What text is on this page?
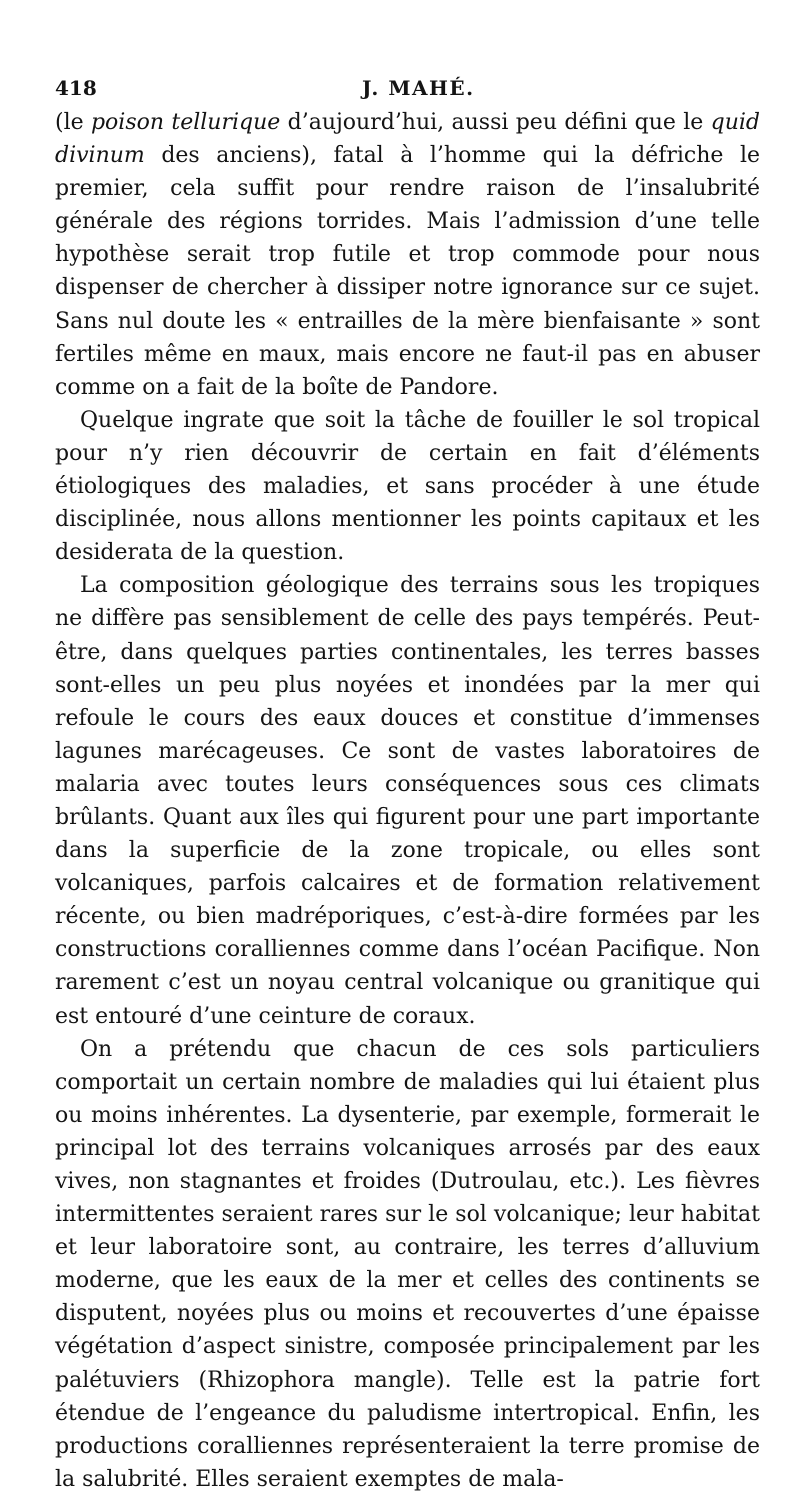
418	J. MAHÉ.

(le poison tellurique d’aujourd’hui, aussi peu défini que le quid divinum des anciens), fatal à l’homme qui la défriche le premier, cela suffit pour rendre raison de l’insalubrité générale des régions torrides. Mais l’admission d’une telle hypothèse serait trop futile et trop commode pour nous dispenser de chercher à dissiper notre ignorance sur ce sujet. Sans nul doute les « entrailles de la mère bienfaisante » sont fertiles même en maux, mais encore ne faut-il pas en abuser comme on a fait de la boîte de Pandore.

Quelque ingrate que soit la tâche de fouiller le sol tropical pour n’y rien découvrir de certain en fait d’éléments étiologiques des maladies, et sans procéder à une étude disciplinée, nous allons mentionner les points capitaux et les desiderata de la question.

La composition géologique des terrains sous les tropiques ne diffère pas sensiblement de celle des pays tempérés. Peut-être, dans quelques parties continentales, les terres basses sont-elles un peu plus noyées et inondées par la mer qui refoule le cours des eaux douces et constitue d’immenses lagunes marécageuses. Ce sont de vastes laboratoires de malaria avec toutes leurs conséquences sous ces climats brûlants. Quant aux îles qui figurent pour une part importante dans la superficie de la zone tropicale, ou elles sont volcaniques, parfois calcaires et de formation relativement récente, ou bien madréporiques, c’est-à-dire formées par les constructions coralliennes comme dans l’océan Pacifique. Non rarement c’est un noyau central volcanique ou granitique qui est entouré d’une ceinture de coraux.

On a prétendu que chacun de ces sols particuliers comportait un certain nombre de maladies qui lui étaient plus ou moins inhérentes. La dysenterie, par exemple, formerait le principal lot des terrains volcaniques arrosés par des eaux vives, non stagnantes et froides (Dutroulau, etc.). Les fièvres intermittentes seraient rares sur le sol volcanique; leur habitat et leur laboratoire sont, au contraire, les terres d’alluvium moderne, que les eaux de la mer et celles des continents se disputent, noyées plus ou moins et recouvertes d’une épaisse végétation d’aspect sinistre, composée principalement par les palétuviers (Rhizophora mangle). Telle est la patrie fort étendue de l’engeance du paludisme intertropical. Enfin, les productions coralliennes représenteraient la terre promise de la salubrité. Elles seraient exemptes de mala-
